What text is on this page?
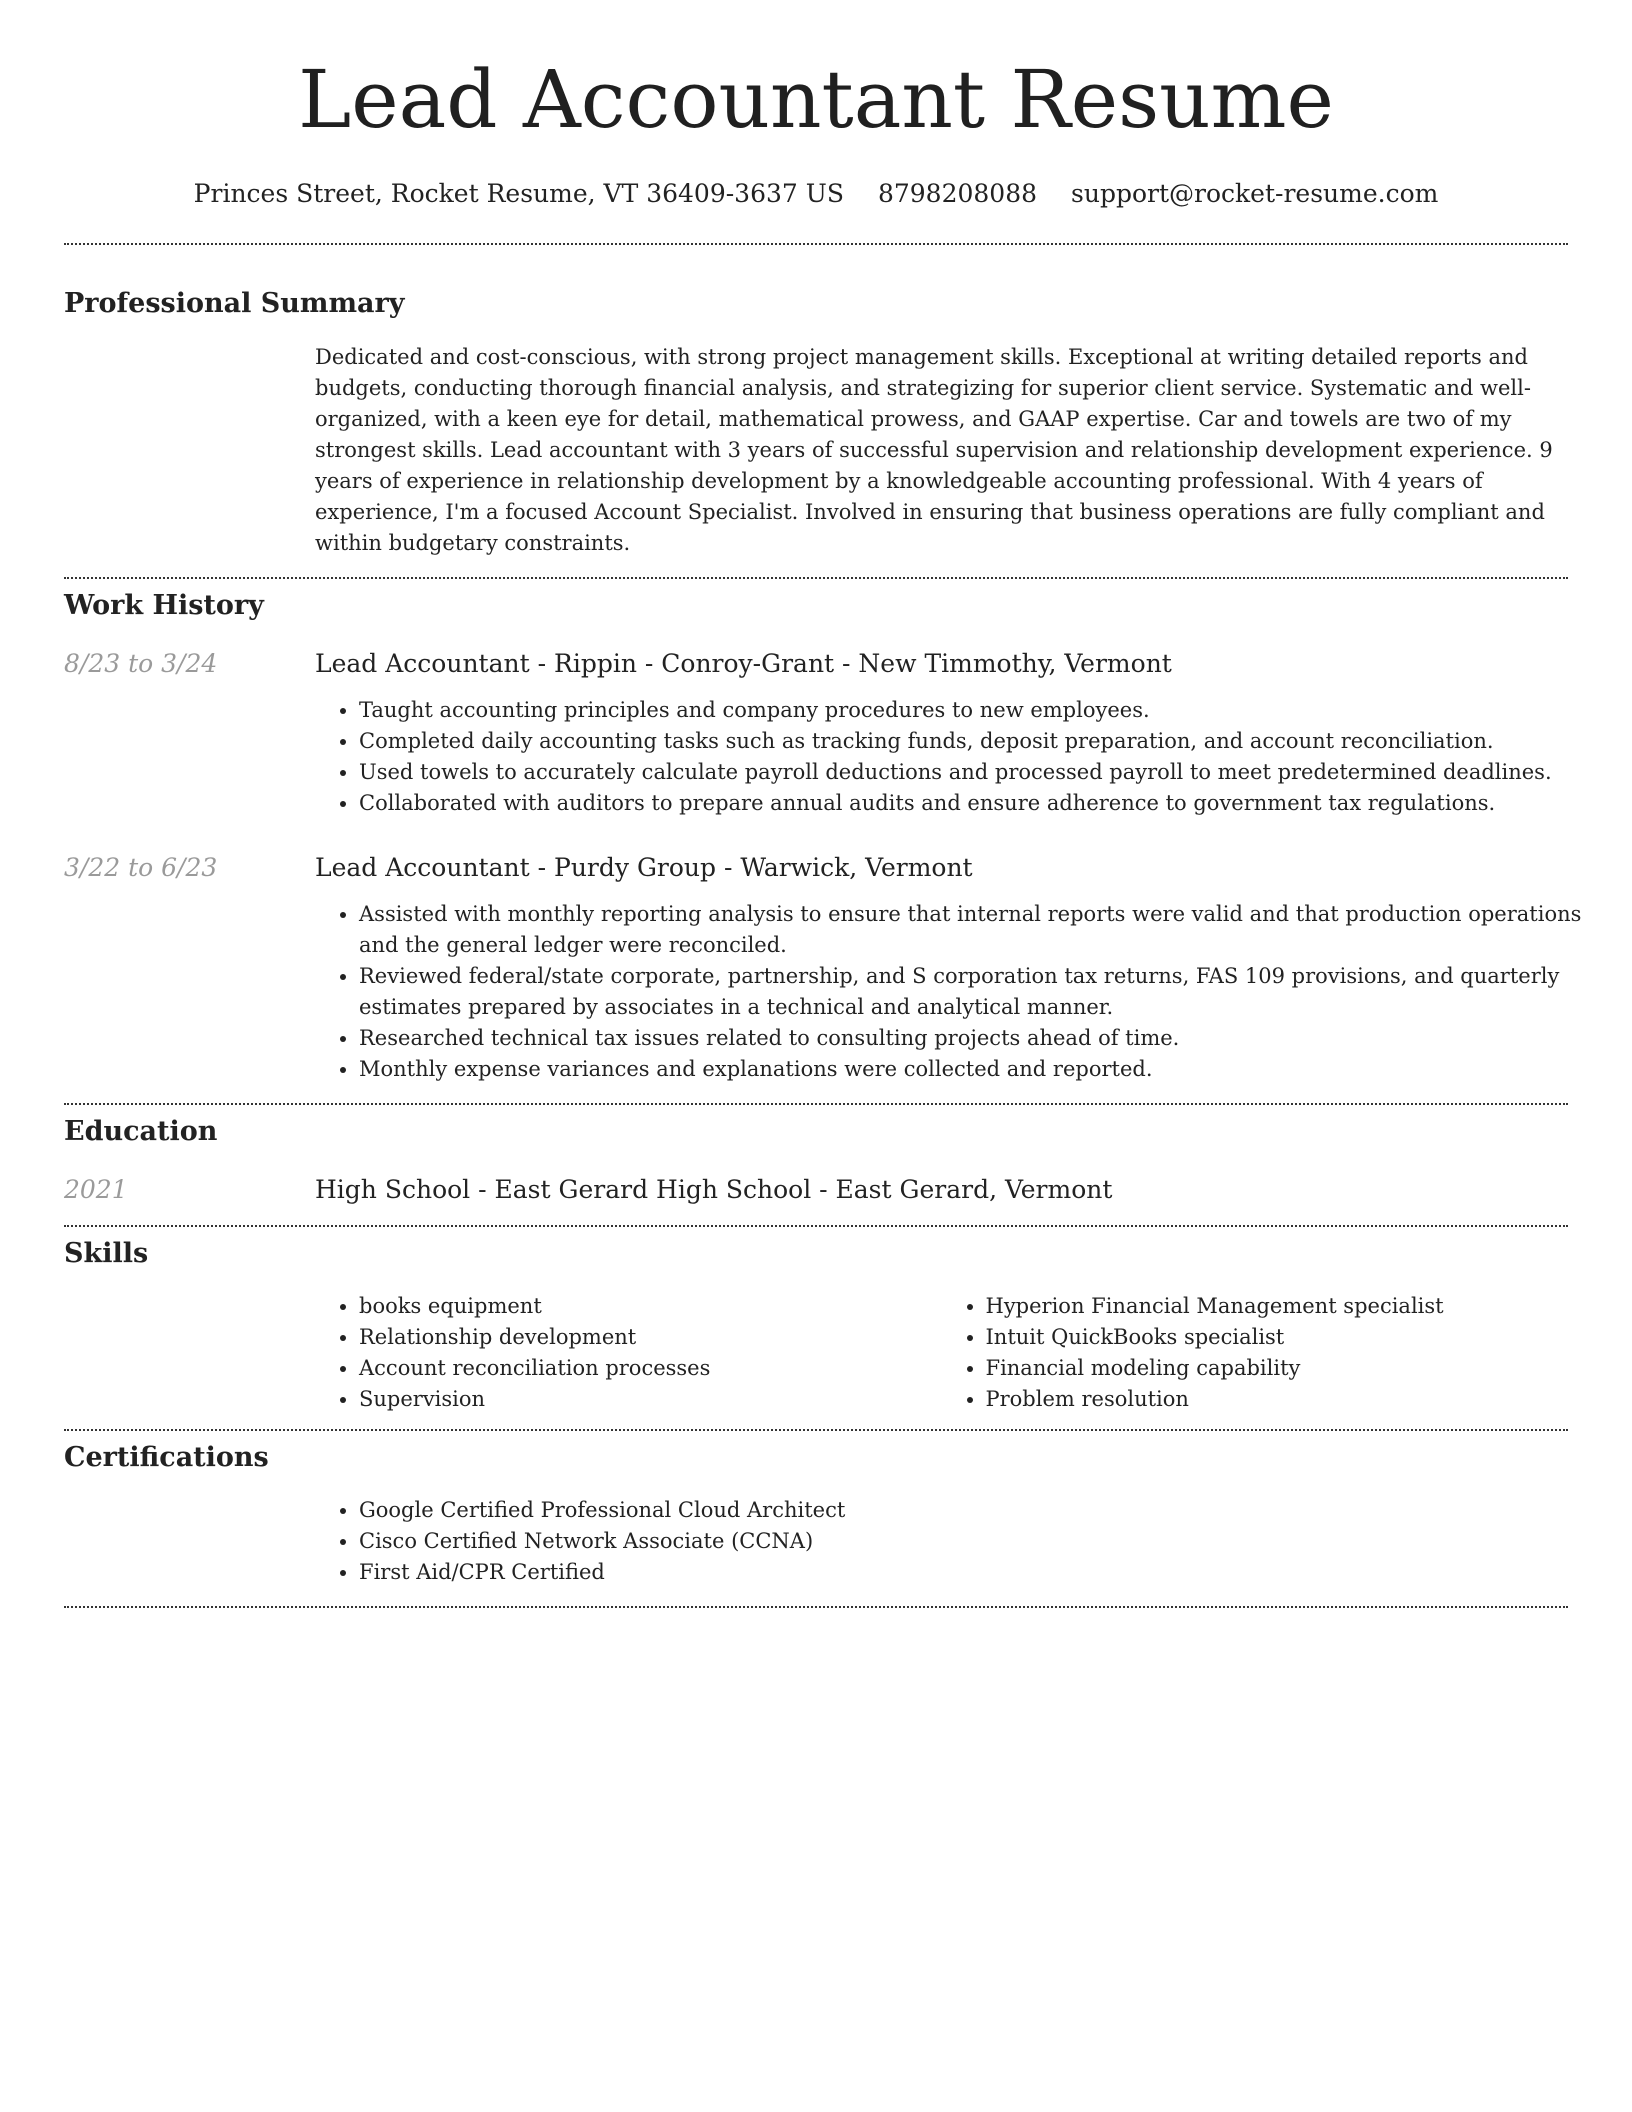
Lead Accountant Resume
Princes Street, Rocket Resume, VT 36409-3637 US 8798208088 support@rocket-resume.com
Professional Summary
Dedicated and cost-conscious, with strong project management skills. Exceptional at writing detailed reports and budgets, conducting thorough financial analysis, and strategizing for superior client service. Systematic and well-organized, with a keen eye for detail, mathematical prowess, and GAAP expertise. Car and towels are two of my strongest skills. Lead accountant with 3 years of successful supervision and relationship development experience. 9 years of experience in relationship development by a knowledgeable accounting professional. With 4 years of experience, I'm a focused Account Specialist. Involved in ensuring that business operations are fully compliant and within budgetary constraints.
Work History
8/23 to 3/24	Lead Accountant - Rippin - Conroy-Grant - New Timmothy, Vermont
• Taught accounting principles and company procedures to new employees.
• Completed daily accounting tasks such as tracking funds, deposit preparation, and account reconciliation.
• Used towels to accurately calculate payroll deductions and processed payroll to meet predetermined deadlines.
• Collaborated with auditors to prepare annual audits and ensure adherence to government tax regulations.
3/22 to 6/23	Lead Accountant - Purdy Group - Warwick, Vermont
• Assisted with monthly reporting analysis to ensure that internal reports were valid and that production operations and the general ledger were reconciled.
• Reviewed federal/state corporate, partnership, and S corporation tax returns, FAS 109 provisions, and quarterly estimates prepared by associates in a technical and analytical manner.
• Researched technical tax issues related to consulting projects ahead of time.
• Monthly expense variances and explanations were collected and reported.
Education
2021	High School - East Gerard High School - East Gerard, Vermont
Skills
• books equipment
• Relationship development
• Account reconciliation processes
• Supervision
• Hyperion Financial Management specialist
• Intuit QuickBooks specialist
• Financial modeling capability
• Problem resolution
Certifications
• Google Certified Professional Cloud Architect
• Cisco Certified Network Associate (CCNA)
• First Aid/CPR Certified
